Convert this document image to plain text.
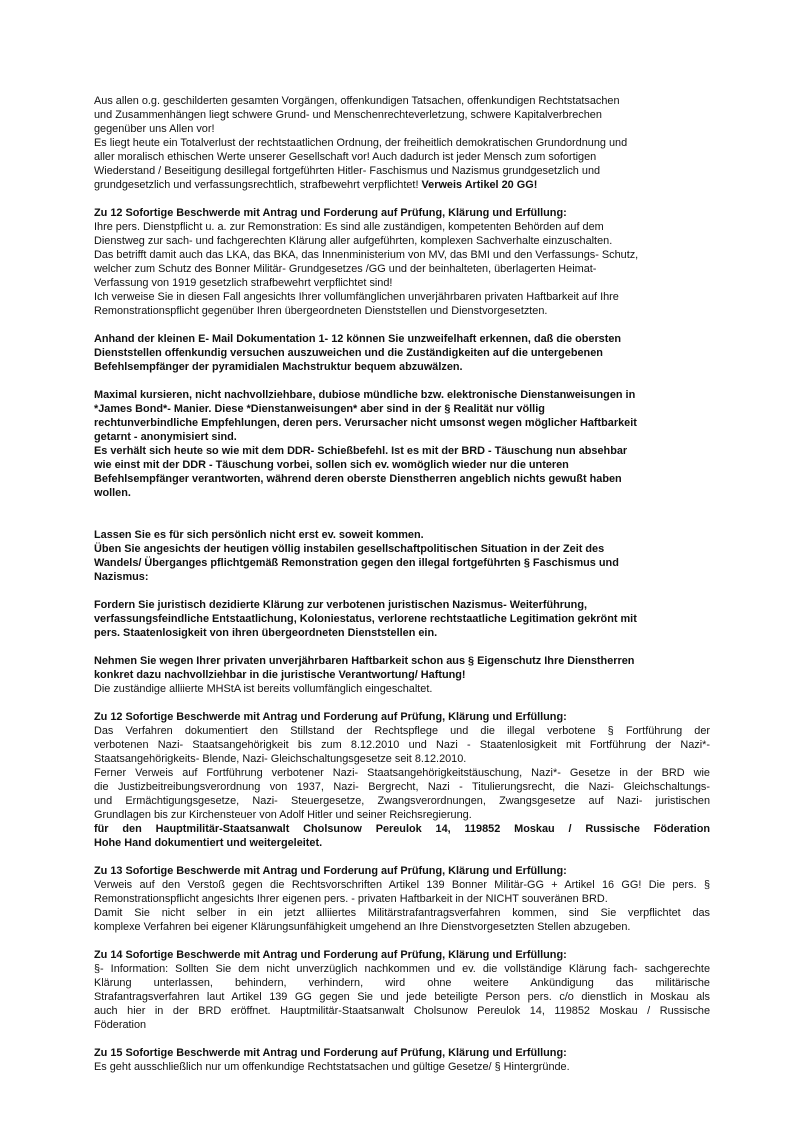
Aus allen o.g. geschilderten gesamten Vorgängen, offenkundigen Tatsachen, offenkundigen Rechtstatsachen
und Zusammenhängen liegt schwere Grund- und Menschenrechteverletzung, schwere Kapitalverbrechen
gegenüber uns Allen vor!
Es liegt heute ein Totalverlust der rechtstaatlichen Ordnung, der freiheitlich demokratischen Grundordnung und
aller moralisch ethischen Werte unserer Gesellschaft vor! Auch dadurch ist jeder Mensch zum sofortigen
Wiederstand / Beseitigung desillegal fortgeführten Hitler- Faschismus und Nazismus grundgesetzlich und
grundgesetzlich und verfassungsrechtlich, strafbewehrt verpflichtet! Verweis Artikel 20 GG!
Zu 12 Sofortige Beschwerde mit Antrag und Forderung auf Prüfung, Klärung und Erfüllung:
Ihre pers. Dienstpflicht u. a. zur Remonstration: Es sind alle zuständigen, kompetenten Behörden auf dem
Dienstweg zur sach- und fachgerechten Klärung aller aufgeführten, komplexen Sachverhalte einzuschalten.
Das betrifft damit auch das LKA, das BKA, das Innenministerium von MV, das BMI und den Verfassungs- Schutz,
welcher zum Schutz des Bonner Militär- Grundgesetzes /GG und der beinhalteten, überlagerten Heimat-
Verfassung von 1919 gesetzlich strafbewehrt verpflichtet sind!
Ich verweise Sie in diesen Fall angesichts Ihrer vollumfänglichen unverjährbaren privaten Haftbarkeit auf Ihre
Remonstrationspflicht gegenüber Ihren übergeordneten Dienststellen und Dienstvorgesetzten.
Anhand der kleinen E- Mail Dokumentation 1- 12 können Sie unzweifelhaft erkennen, daß die obersten
Dienststellen offenkundig versuchen auszuweichen und die Zuständigkeiten auf die untergebenen
Befehlsempfänger der pyramidialen Machstruktur bequem abzuwälzen.
Maximal kursieren, nicht nachvollziehbare, dubiose mündliche bzw. elektronische Dienstanweisungen in
*James Bond*- Manier. Diese *Dienstanweisungen* aber sind in der § Realität nur völlig
rechtunverbindliche Empfehlungen, deren pers. Verursacher nicht umsonst wegen möglicher Haftbarkeit
getarnt - anonymisiert sind.
Es verhält sich heute so wie mit dem DDR- Schießbefehl. Ist es mit der BRD - Täuschung nun absehbar
wie einst mit der DDR - Täuschung vorbei, sollen sich ev. womöglich wieder nur die unteren
Befehlsempfänger verantworten, während deren oberste Dienstherren angeblich nichts gewußt haben
wollen.
Lassen Sie es für sich persönlich nicht erst ev. soweit kommen.
Üben Sie angesichts der heutigen völlig instabilen gesellschaftpolitischen Situation in der Zeit des
Wandels/ Überganges pflichtgemäß Remonstration gegen den illegal fortgeführten § Faschismus und
Nazismus:
Fordern Sie juristisch dezidierte Klärung zur verbotenen juristischen Nazismus- Weiterführung,
verfassungsfeindliche Entstaatlichung, Koloniestatus, verlorene rechtstaatliche Legitimation gekrönt mit
pers. Staatenlosigkeit von ihren übergeordneten Dienststellen ein.
Nehmen Sie wegen Ihrer privaten unverjährbaren Haftbarkeit schon aus § Eigenschutz Ihre Dienstherren
konkret dazu nachvollziehbar in die juristische Verantwortung/ Haftung!
Die zuständige alliierte MHStA ist bereits vollumfänglich eingeschaltet.
Zu 12 Sofortige Beschwerde mit Antrag und Forderung auf Prüfung, Klärung und Erfüllung:
Das Verfahren dokumentiert den Stillstand der Rechtspflege und die illegal verbotene § Fortführung der
verbotenen Nazi- Staatsangehörigkeit bis zum 8.12.2010 und Nazi - Staatenlosigkeit mit Fortführung der Nazi*-
Staatsangehörigkeits- Blende, Nazi- Gleichschaltungsgesetze seit 8.12.2010.
Ferner Verweis auf Fortführung verbotener Nazi- Staatsangehörigkeitstäuschung, Nazi*- Gesetze in der BRD wie
die Justizbeitreibungsverordnung von 1937, Nazi- Bergrecht, Nazi - Titulierungsrecht, die Nazi- Gleichschaltungs-
und Ermächtigungsgesetze, Nazi- Steuergesetze, Zwangsverordnungen, Zwangsgesetze auf Nazi- juristischen
Grundlagen bis zur Kirchensteuer von Adolf Hitler und seiner Reichsregierung.
für den Hauptmilitär-Staatsanwalt Cholsunow Pereulok 14, 119852 Moskau / Russische Föderation
Hohe Hand dokumentiert und weitergeleitet.
Zu 13 Sofortige Beschwerde mit Antrag und Forderung auf Prüfung, Klärung und Erfüllung:
Verweis auf den Verstoß gegen die Rechtsvorschriften Artikel 139 Bonner Militär-GG + Artikel 16 GG! Die pers. §
Remonstrationspflicht angesichts Ihrer eigenen pers. - privaten Haftbarkeit in der NICHT souveränen BRD.
Damit Sie nicht selber in ein jetzt alliiertes Militärstrafantragsverfahren kommen, sind Sie verpflichtet das
komplexe Verfahren bei eigener Klärungsunfähigkeit umgehend an Ihre Dienstvorgesetzten Stellen abzugeben.
Zu 14 Sofortige Beschwerde mit Antrag und Forderung auf Prüfung, Klärung und Erfüllung:
§- Information: Sollten Sie dem nicht unverzüglich nachkommen und ev. die vollständige Klärung fach- sachgerechte
Klärung unterlassen, behindern, verhindern, wird ohne weitere Ankündigung das militärische
Strafantragsverfahren laut Artikel 139 GG gegen Sie und jede beteiligte Person pers. c/o dienstlich in Moskau als
auch hier in der BRD eröffnet. Hauptmilitär-Staatsanwalt Cholsunow Pereulok 14, 119852 Moskau / Russische
Föderation
Zu 15 Sofortige Beschwerde mit Antrag und Forderung auf Prüfung, Klärung und Erfüllung:
Es geht ausschließlich nur um offenkundige Rechtstatsachen und gültige Gesetze/ § Hintergründe.
